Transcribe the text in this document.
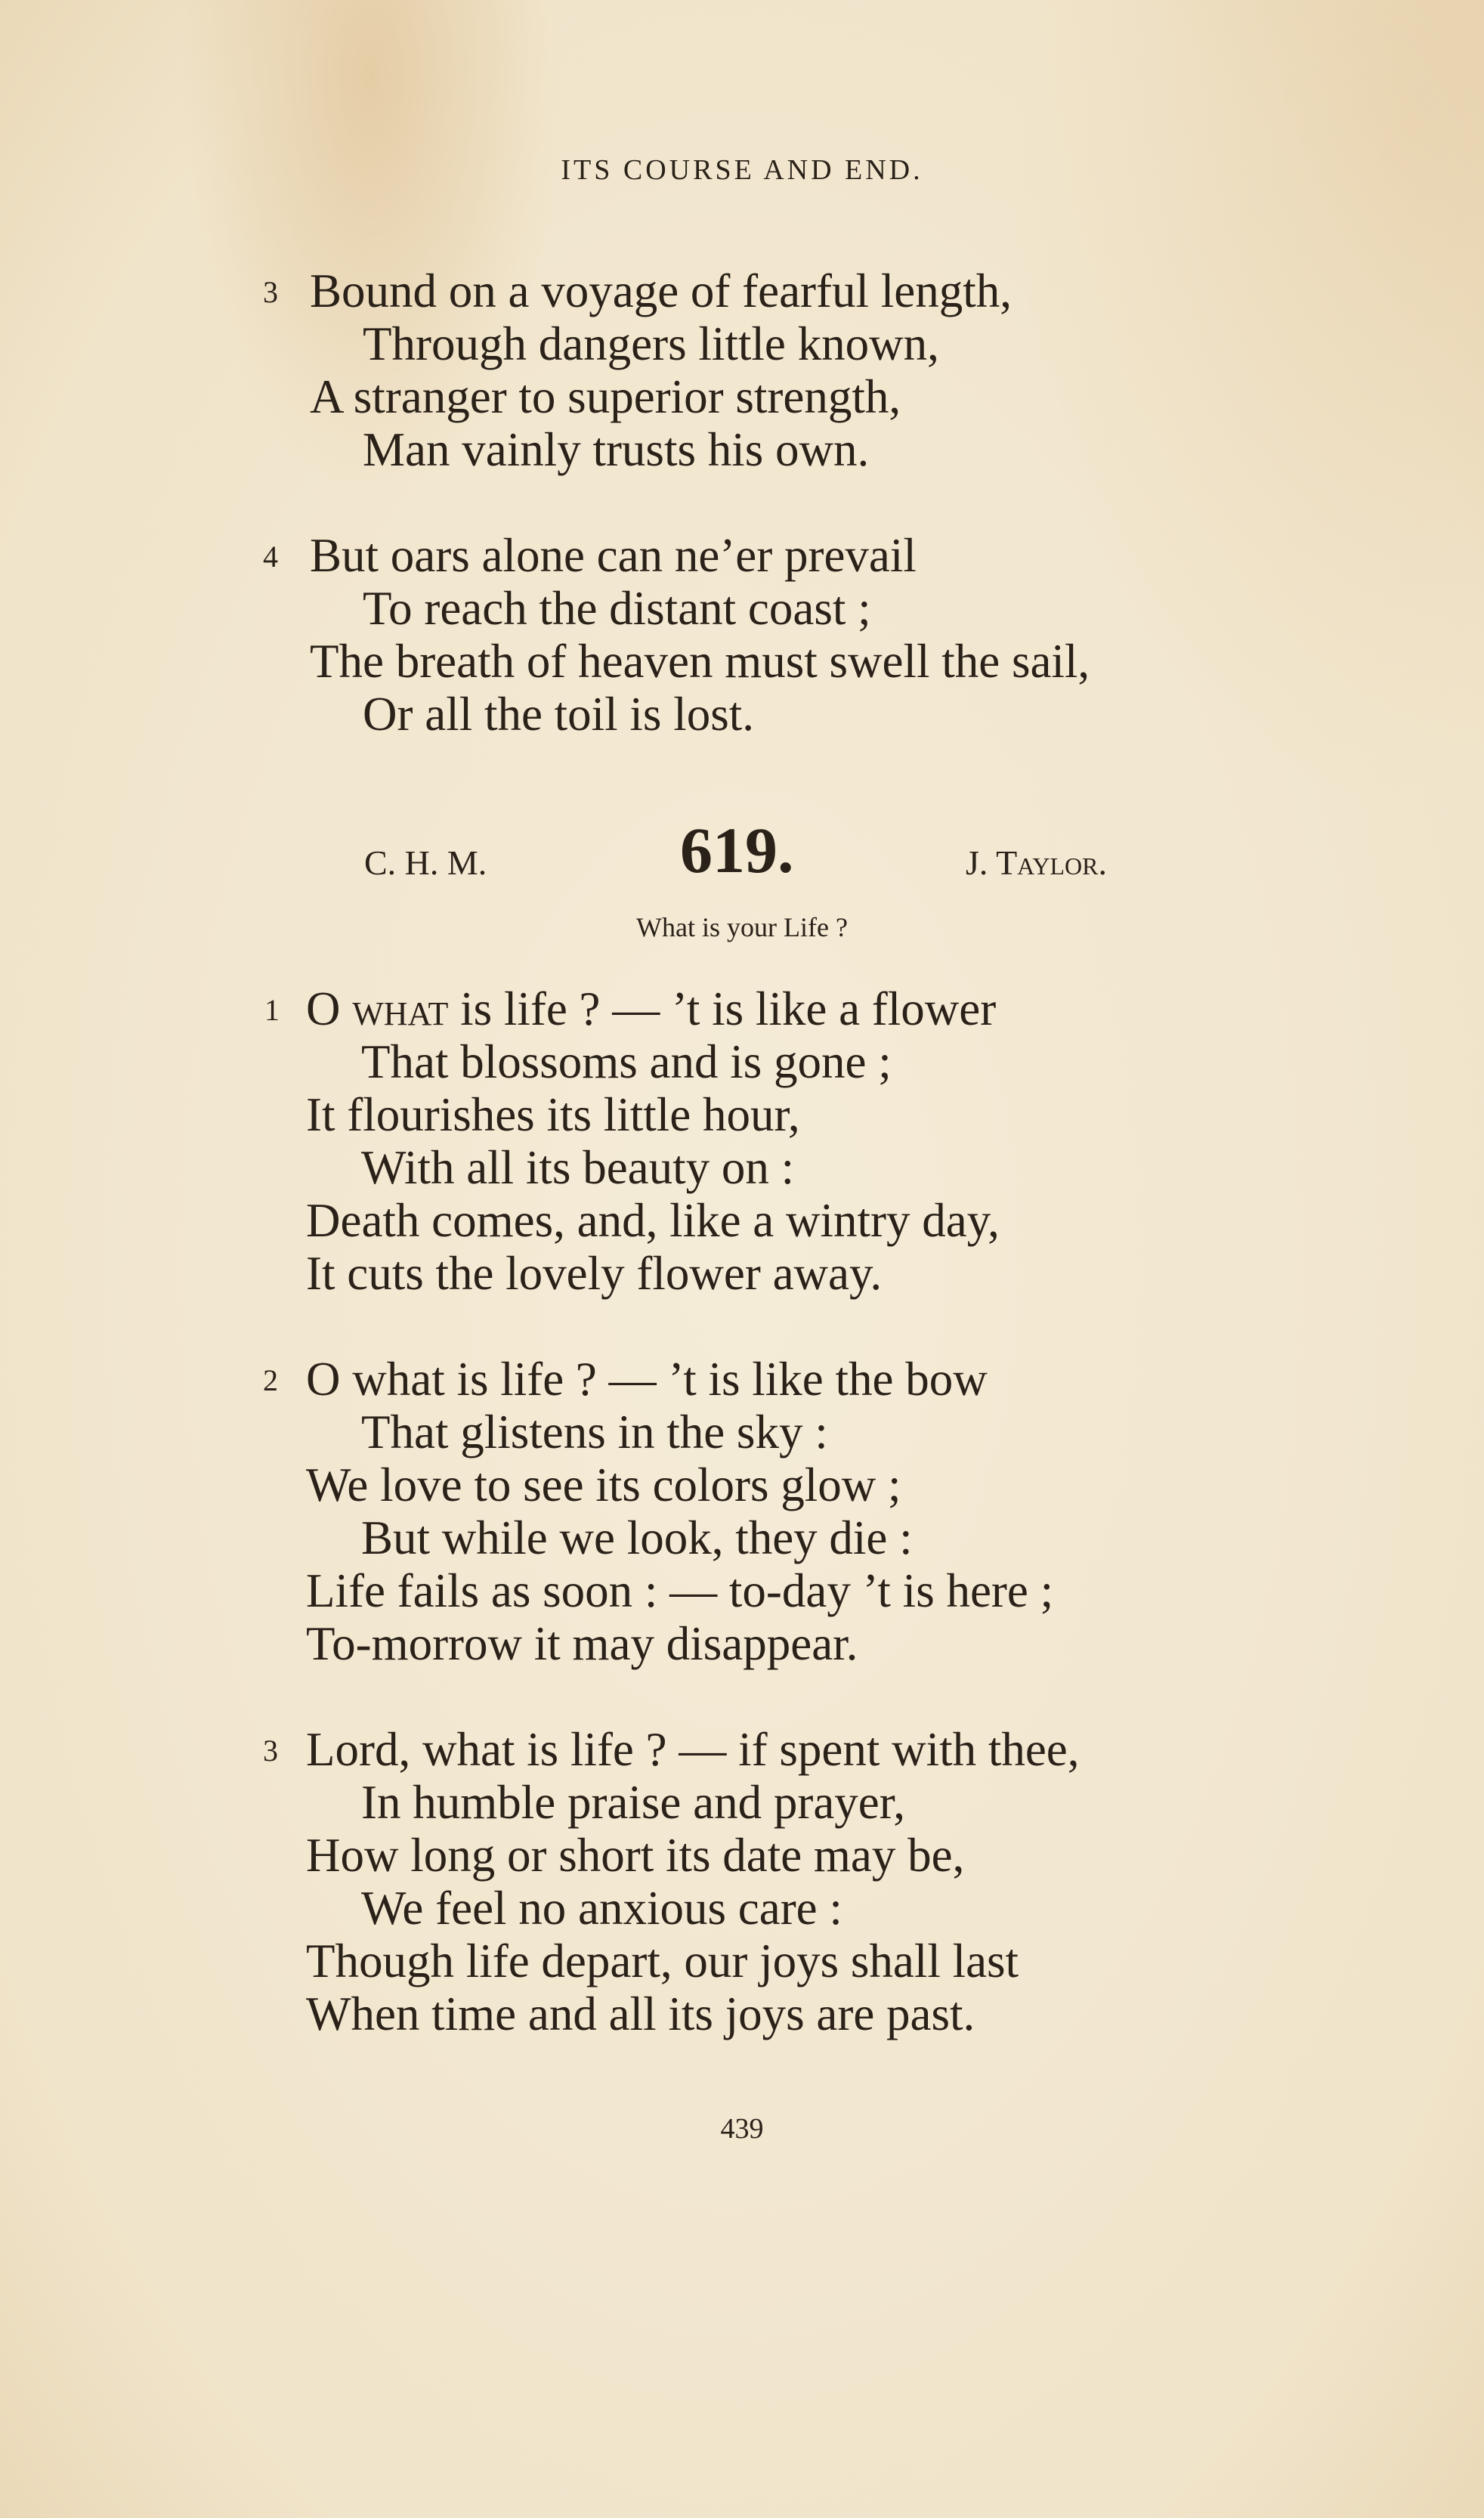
ITS COURSE AND END.
3 Bound on a voyage of fearful length,
Through dangers little known,
A stranger to superior strength,
Man vainly trusts his own.
4 But oars alone can ne’er prevail
To reach the distant coast ;
The breath of heaven must swell the sail,
Or all the toil is lost.
C. H. M.	619.	J. Taylor.
What is your Life ?
1 O what is life ? — ’t is like a flower
That blossoms and is gone ;
It flourishes its little hour,
With all its beauty on :
Death comes, and, like a wintry day,
It cuts the lovely flower away.
2 O what is life ? — ’t is like the bow
That glistens in the sky :
We love to see its colors glow ;
But while we look, they die :
Life fails as soon : — to-day ’t is here ;
To-morrow it may disappear.
3 Lord, what is life ? — if spent with thee,
In humble praise and prayer,
How long or short its date may be,
We feel no anxious care :
Though life depart, our joys shall last
When time and all its joys are past.
439
